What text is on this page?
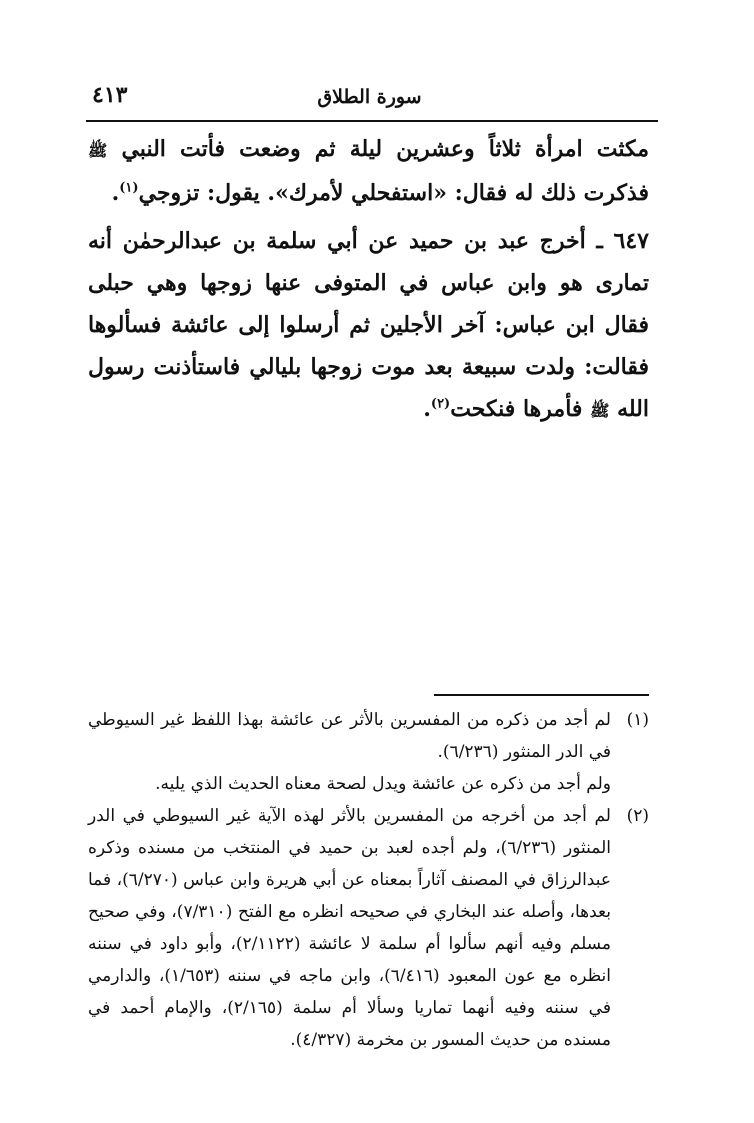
سورة الطلاق
٤١٣

مكثت امرأة ثلاثاً وعشرين ليلة ثم وضعت فأتت النبي ﷺ فذكرت ذلك له فقال: «استفحلي لأمرك». يقول: تزوجي$^{(١)}$.

٦٤٧ ـ أخرج عبد بن حميد عن أبي سلمة بن عبدالرحمٰن أنه تمارى هو وابن عباس في المتوفى عنها زوجها وهي حبلى فقال ابن عباس: آخر الأجلين ثم أرسلوا إلى عائشة فسألوها فقالت: ولدت سبيعة بعد موت زوجها بليالي فاستأذنت رسول الله ﷺ فأمرها فنكحت$^{(٢)}$.

(١)
لم أجد من ذكره من المفسرين بالأثر عن عائشة بهذا اللفظ غير السيوطي في الدر المنثور (٦/٢٣٦).
ولم أجد من ذكره عن عائشة ويدل لصحة معناه الحديث الذي يليه.
(٢)
لم أجد من أخرجه من المفسرين بالأثر لهذه الآية غير السيوطي في الدر المنثور (٦/٢٣٦)، ولم أجده لعبد بن حميد في المنتخب من مسنده وذكره عبدالرزاق في المصنف آثاراً بمعناه عن أبي هريرة وابن عباس (٦/٢٧٠)، فما بعدها، وأصله عند البخاري في صحيحه انظره مع الفتح (٧/٣١٠)، وفي صحيح مسلم وفيه أنهم سألوا أم سلمة لا عائشة (٢/١١٢٢)، وأبو داود في سننه انظره مع عون المعبود (٦/٤١٦)، وابن ماجه في سننه (١/٦٥٣)، والدارمي في سننه وفيه أنهما تماريا وسألا أم سلمة (٢/١٦٥)، والإمام أحمد في مسنده من حديث المسور بن مخرمة (٤/٣٢٧).
